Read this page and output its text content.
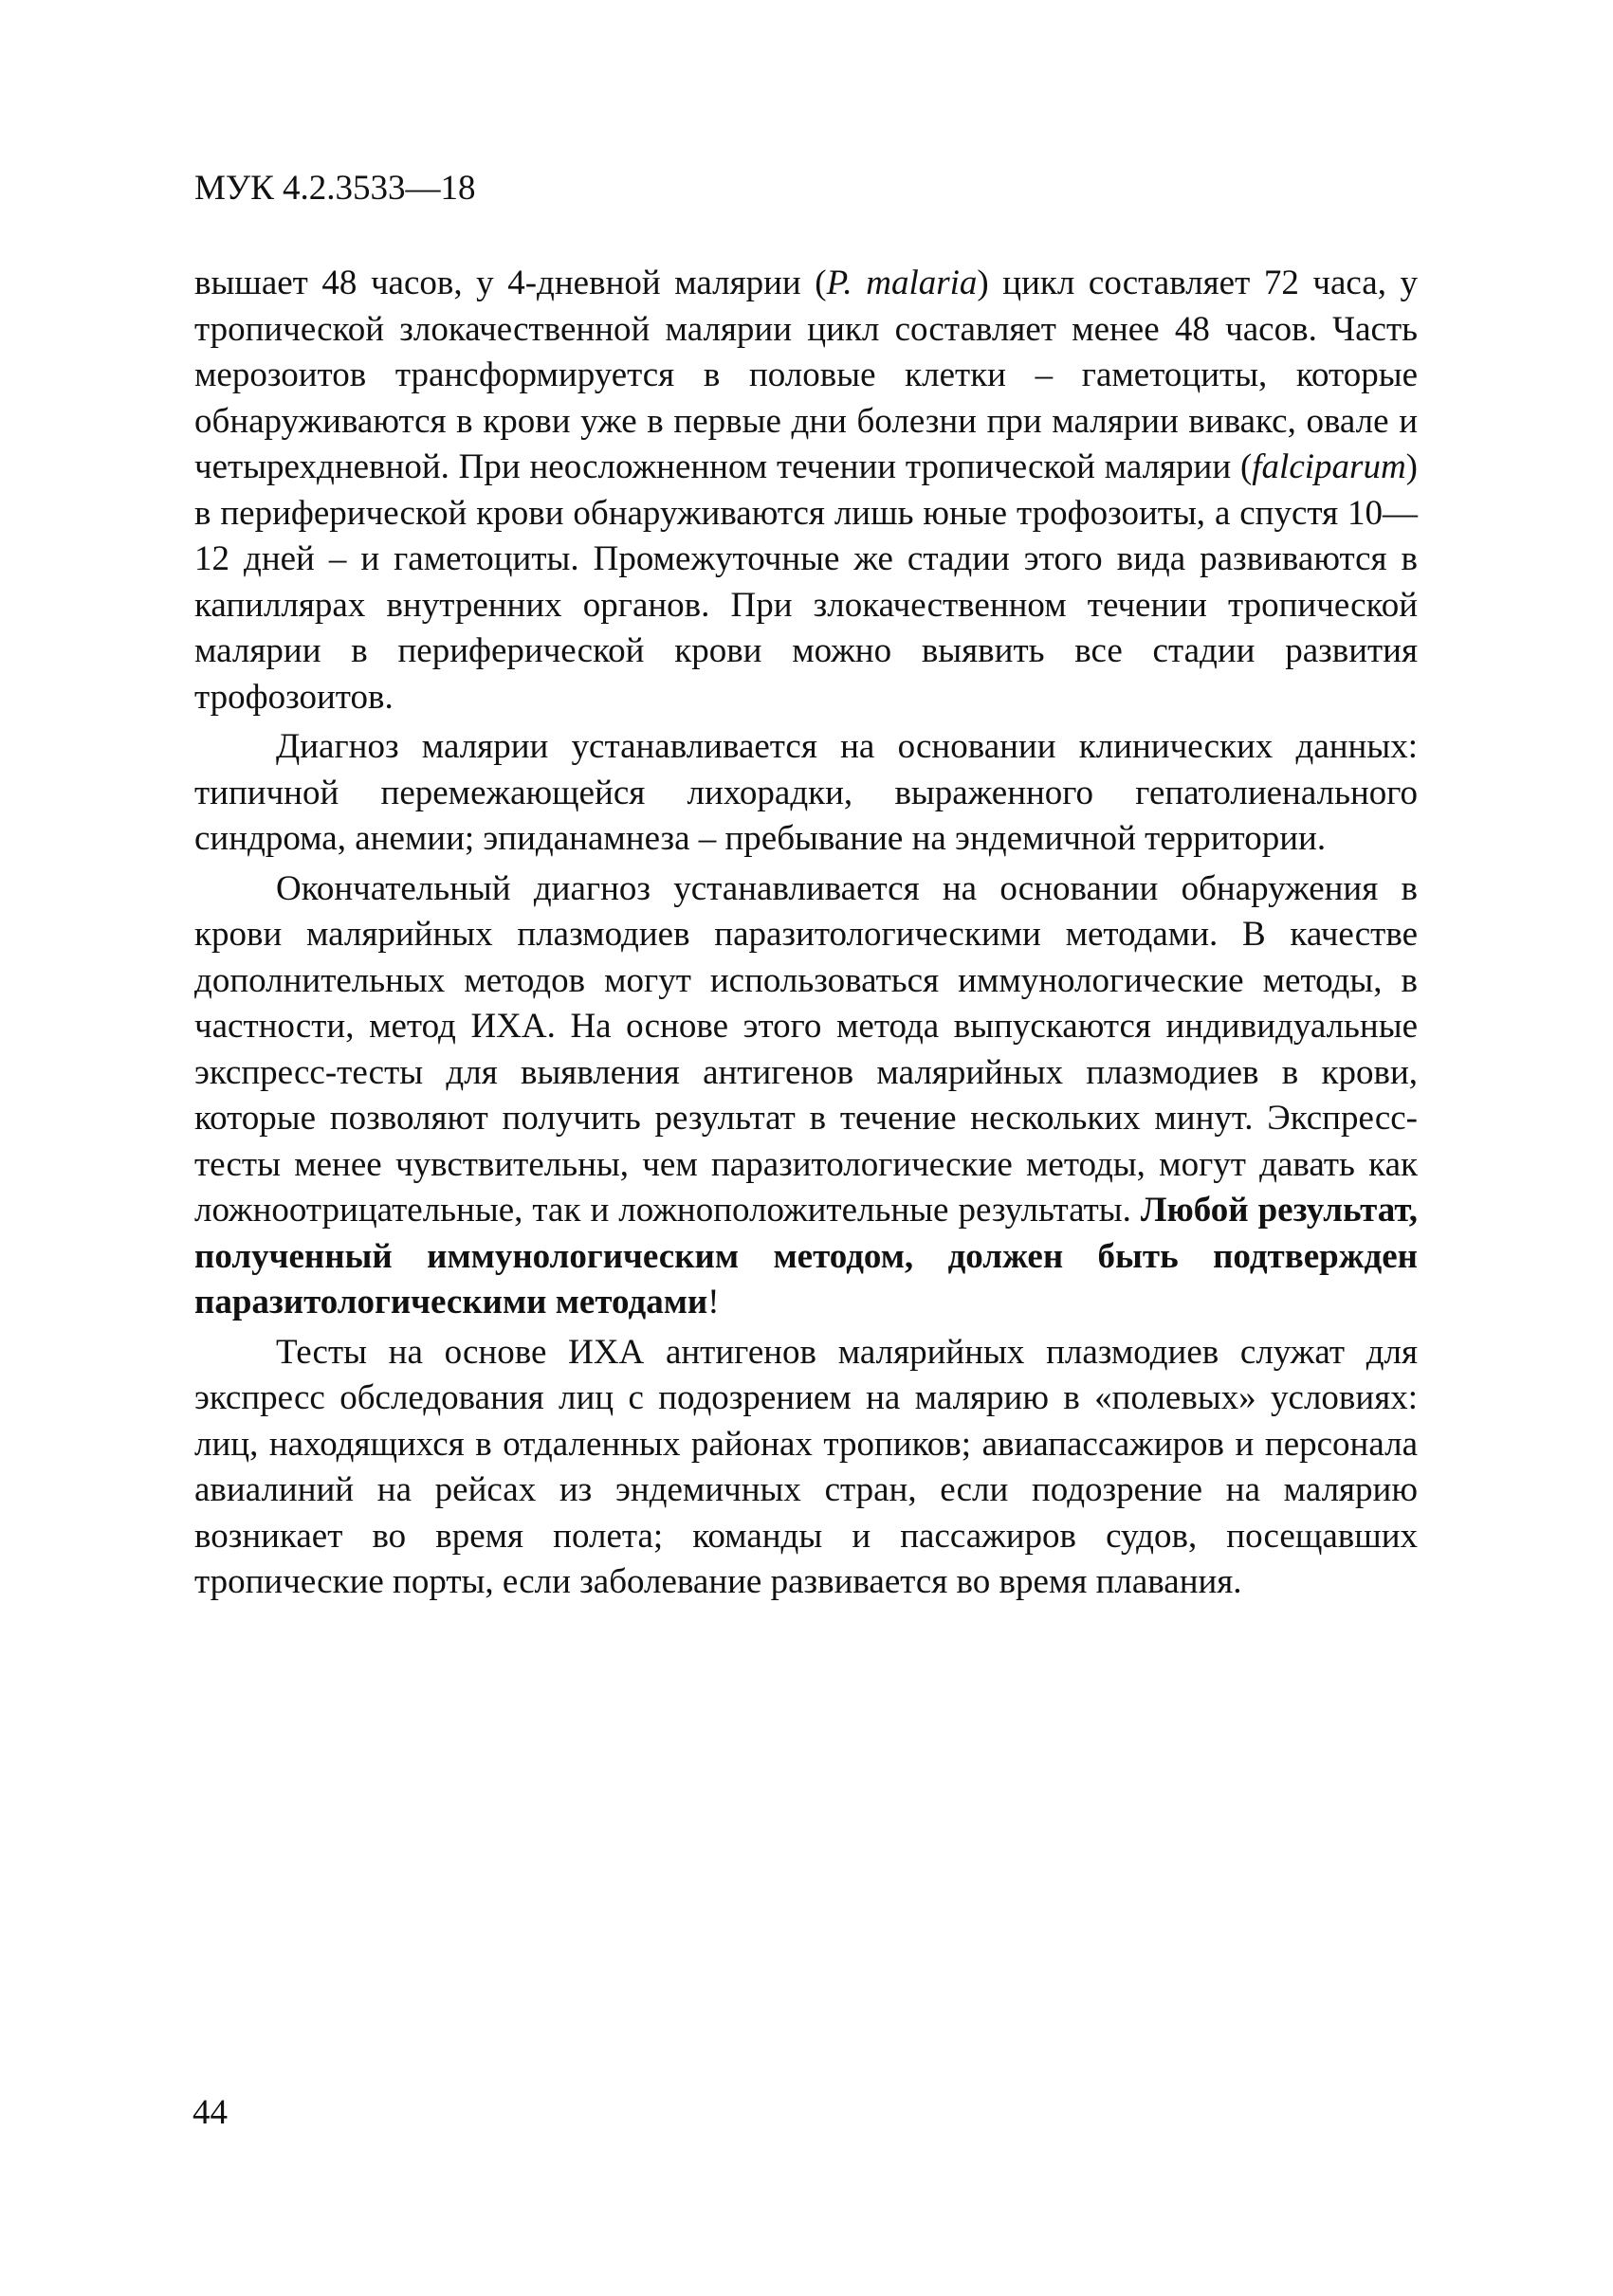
МУК 4.2.3533—18

вышает 48 часов, у 4-дневной малярии (P. malaria) цикл составляет 72 часа, у тропической злокачественной малярии цикл составляет менее 48 часов. Часть мерозоитов трансформируется в половые клетки – гаметоциты, которые обнаруживаются в крови уже в первые дни болезни при малярии вивакс, овале и четырехдневной. При неосложненном течении тропической малярии (falciparum) в периферической крови обнаруживаются лишь юные трофозоиты, а спустя 10—12 дней – и гаметоциты. Промежуточные же стадии этого вида развиваются в капиллярах внутренних органов. При злокачественном течении тропической малярии в периферической крови можно выявить все стадии развития трофозоитов.

Диагноз малярии устанавливается на основании клинических данных: типичной перемежающейся лихорадки, выраженного гепатолиенального синдрома, анемии; эпиданамнеза – пребывание на эндемичной территории.

Окончательный диагноз устанавливается на основании обнаружения в крови малярийных плазмодиев паразитологическими методами. В качестве дополнительных методов могут использоваться иммунологические методы, в частности, метод ИХА. На основе этого метода выпускаются индивидуальные экспресс-тесты для выявления антигенов малярийных плазмодиев в крови, которые позволяют получить результат в течение нескольких минут. Экспресс-тесты менее чувствительны, чем паразитологические методы, могут давать как ложноотрицательные, так и ложноположительные результаты. Любой результат, полученный иммунологическим методом, должен быть подтвержден паразитологическими методами!

Тесты на основе ИХА антигенов малярийных плазмодиев служат для экспресс обследования лиц с подозрением на малярию в «полевых» условиях: лиц, находящихся в отдаленных районах тропиков; авиапассажиров и персонала авиалиний на рейсах из эндемичных стран, если подозрение на малярию возникает во время полета; команды и пассажиров судов, посещавших тропические порты, если заболевание развивается во время плавания.

44
